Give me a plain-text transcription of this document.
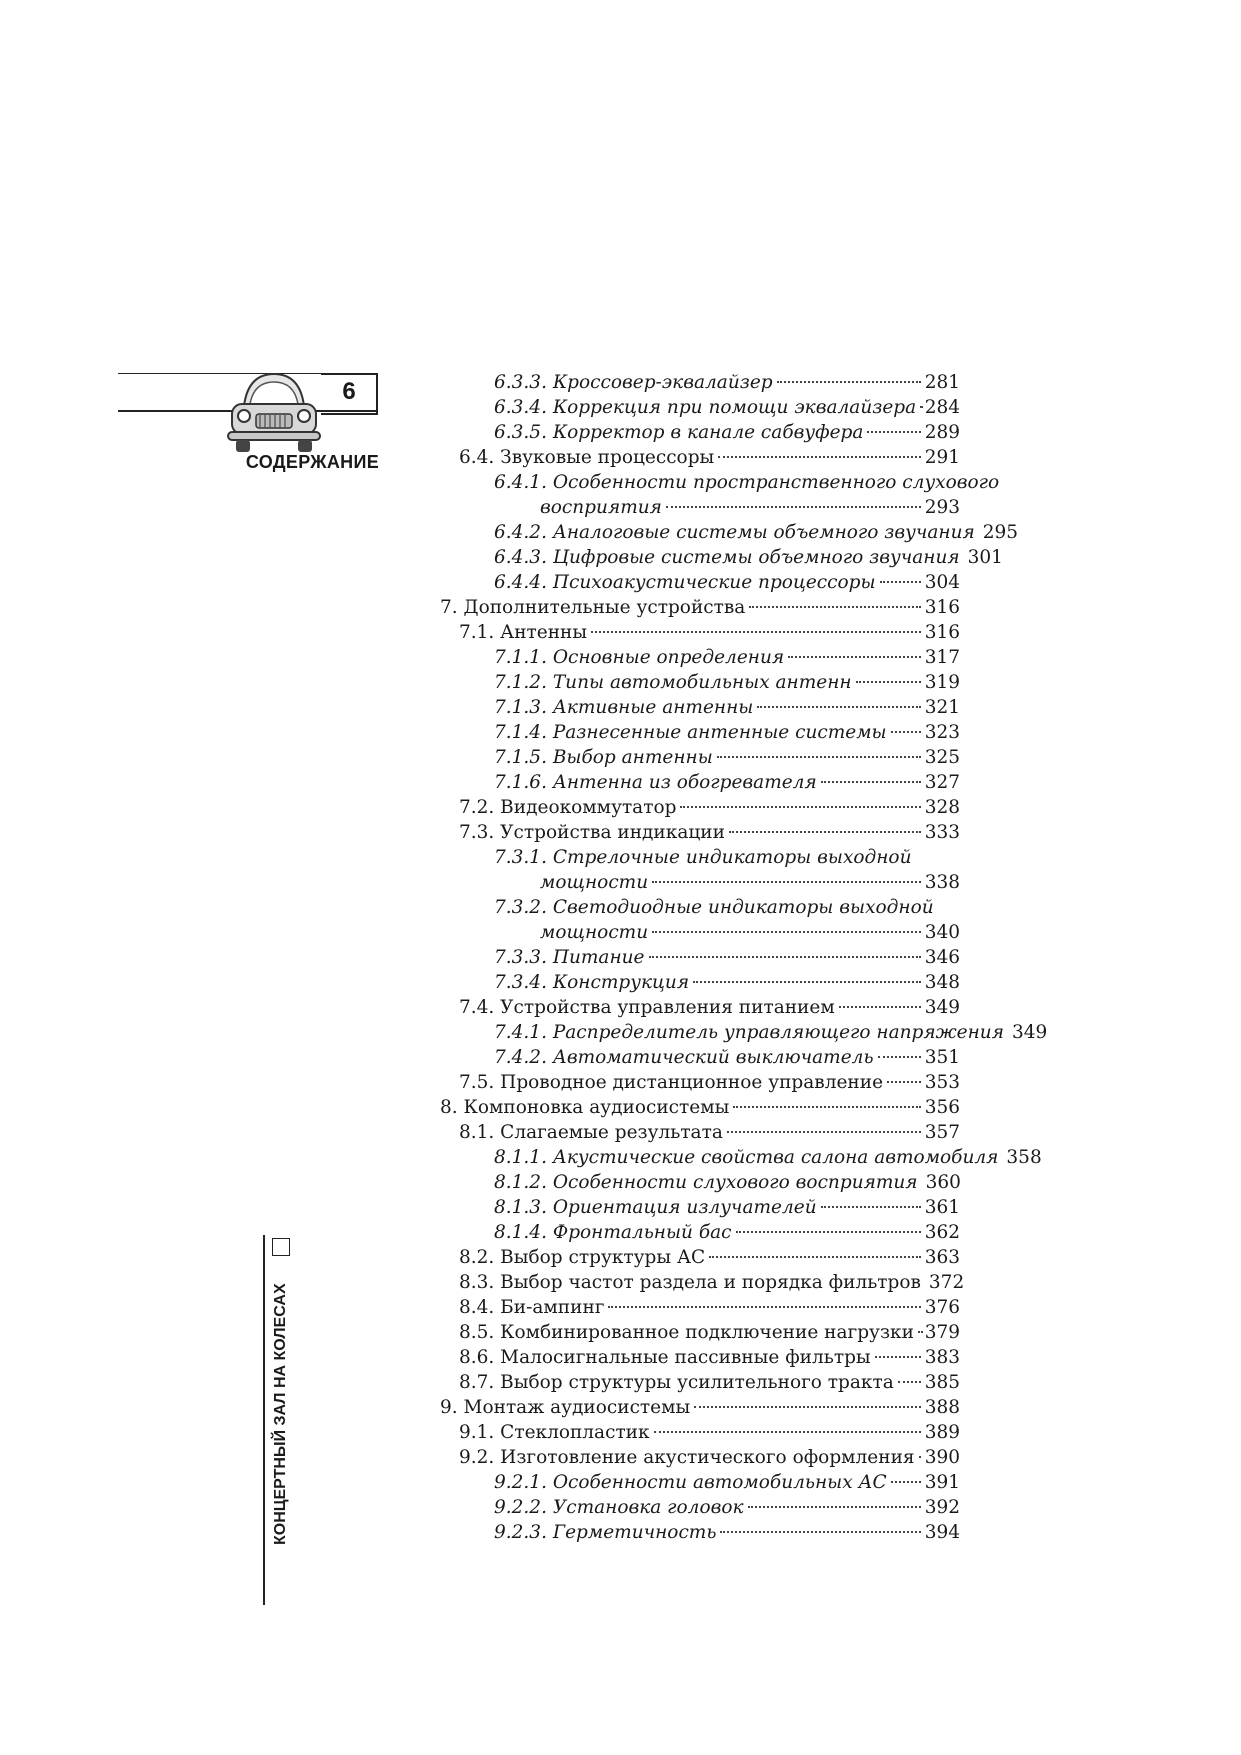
6
СОДЕРЖАНИЕ
КОНЦЕРТНЫЙ ЗАЛ НА КОЛЕСАХ
6.3.3. Кроссовер-эквалайзер	281
6.3.4. Коррекция при помощи эквалайзера 284
6.3.5. Корректор в канале сабвуфера	289
6.4. Звуковые процессоры	291
6.4.1. Особенности пространственного слухового
восприятия	293
6.4.2. Аналоговые системы объемного звучания 295
6.4.3. Цифровые системы объемного звучания 301
6.4.4. Психоакустические процессоры	304
7. Дополнительные устройства	316
7.1. Антенны	316
7.1.1. Основные определения	317
7.1.2. Типы автомобильных антенн	319
7.1.3. Активные антенны	321
7.1.4. Разнесенные антенные системы 323
7.1.5. Выбор антенны	325
7.1.6. Антенна из обогревателя	327
7.2. Видеокоммутатор	328
7.3. Устройства индикации	333
7.3.1. Стрелочные индикаторы выходной
мощности	338
7.3.2. Светодиодные индикаторы выходной
мощности	340
7.3.3. Питание	346
7.3.4. Конструкция	348
7.4. Устройства управления питанием	349
7.4.1. Распределитель управляющего напряжения 349
7.4.2. Автоматический выключатель	351
7.5. Проводное дистанционное управление 353
8. Компоновка аудиосистемы	356
8.1. Слагаемые результата	357
8.1.1. Акустические свойства салона автомобиля 358
8.1.2. Особенности слухового восприятия 360
8.1.3. Ориентация излучателей	361
8.1.4. Фронтальный бас	362
8.2. Выбор структуры АС	363
8.3. Выбор частот раздела и порядка фильтров 372
8.4. Би-ампинг	376
8.5. Комбинированное подключение нагрузки 379
8.6. Малосигнальные пассивные фильтры	383
8.7. Выбор структуры усилительного тракта 385
9. Монтаж аудиосистемы	388
9.1. Стеклопластик	389
9.2. Изготовление акустического оформления 390
9.2.1. Особенности автомобильных АС 391
9.2.2. Установка головок	392
9.2.3. Герметичность	394
